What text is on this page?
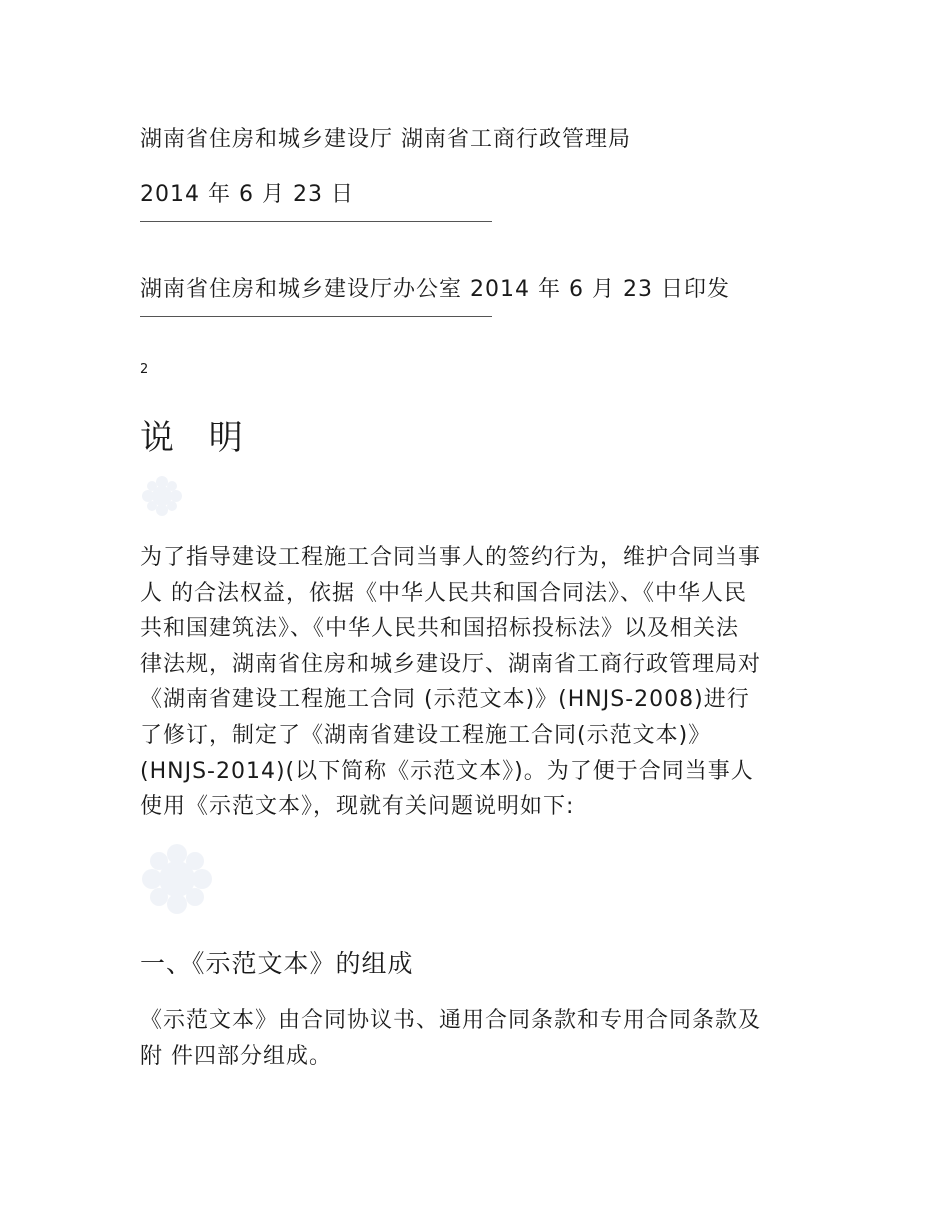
湖南省住房和城乡建设厅 湖南省工商行政管理局
2014 年 6 月 23 日
湖南省住房和城乡建设厅办公室 2014 年 6 月 23 日印发
2
说 明
为了指导建设工程施工合同当事人的签约行为，维护合同当事
人 的合法权益，依据《中华人民共和国合同法》、《中华人民
共和国建筑法》、《中华人民共和国招标投标法》以及相关法
律法规，湖南省住房和城乡建设厅、湖南省工商行政管理局对
《湖南省建设工程施工合同 (示范文本)》(HNJS-2008)进行
了修订，制定了《湖南省建设工程施工合同(示范文本)》
(HNJS-2014)(以下简称《示范文本》)。为了便于合同当事人
使用《示范文本》，现就有关问题说明如下:
一、《示范文本》的组成
《示范文本》由合同协议书、通用合同条款和专用合同条款及
附 件四部分组成。
